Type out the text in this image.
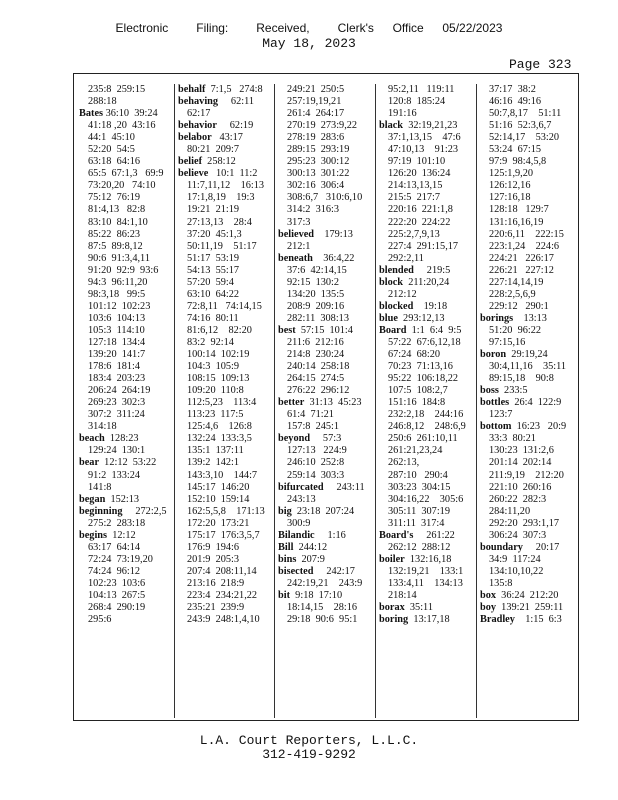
Electronic   Filing:   Received,   Clerk's  Office  05/22/2023
May 18, 2023
Page 323
235:8  259:15
288:18
Bates 36:10  39:24
41:18 ,20  43:16
44:1  45:10
52:20  54:5
63:18  64:16
65:5  67:1,3   69:9
73:20,20   74:10
75:12  76:19
81:4,13   82:8
83:10  84:1,10
85:22  86:23
87:5  89:8,12
90:6  91:3,4,11
91:20  92:9  93:6
94:3  96:11,20
98:3,18   99:5
101:12  102:23
103:6  104:13
105:3  114:10
127:18  134:4
139:20  141:7
178:6  181:4
183:4  203:23
206:24  264:19
269:23  302:3
307:2  311:24
314:18
beach  128:23
129:24  130:1
bear  12:12  53:22
91:2  133:24
141:8
began  152:13
beginning     272:2,5
275:2  283:18
begins  12:12
63:17  64:14
72:24  73:19,20
74:24  96:12
102:23  103:6
104:13  267:5
268:4  290:19
295:6
behalf  7:1,5   274:8
behaving     62:11
62:17
behavior     62:19
belabor   43:17
80:21  209:7
belief  258:12
believe   10:1  11:2
11:7,11,12    16:13
17:1,8,19    19:3
19:21  21:19
27:13,13    28:4
37:20  45:1,3
50:11,19    51:17
51:17  53:19
54:13  55:17
57:20  59:4
63:10  64:22
72:8,11   74:14,15
74:16  80:11
81:6,12    82:20
83:2  92:14
100:14  102:19
104:3  105:9
108:15  109:13
109:20  110:8
112:5,23    113:4
113:23  117:5
125:4,6    126:8
132:24  133:3,5
135:1  137:11
139:2  142:1
143:3,10    144:7
145:17  146:20
152:10  159:14
162:5,5,8    171:13
172:20  173:21
175:17  176:3,5,7
176:9  194:6
201:9  205:3
207:4  208:11,14
213:16  218:9
223:4  234:21,22
235:21  239:9
243:9  248:1,4,10
249:21  250:5
257:19,19,21
261:4  264:17
270:19  273:9,22
278:19  283:6
289:15  293:19
295:23  300:12
300:13  301:22
302:16  306:4
308:6,7   310:6,10
314:2  316:3
317:3
believed    179:13
212:1
beneath    36:4,22
37:6  42:14,15
92:15  130:2
134:20  135:5
208:9  209:16
282:11  308:13
best  57:15  101:4
211:6  212:16
214:8  230:24
240:14  258:18
264:15  274:5
276:22  296:12
better  31:13  45:23
61:4  71:21
157:8  245:1
beyond     57:3
127:13   224:9
246:10  252:8
259:14  303:3
bifurcated     243:11
243:13
big  23:18  207:24
300:9
Bilandic     1:16
Bill  244:12
bins  207:9
bisected     242:17
242:19,21    243:9
bit  9:18  17:10
18:14,15    28:16
29:18  90:6  95:1
95:2,11   119:11
120:8  185:24
191:16
black  32:19,21,23
37:1,13,15    47:6
47:10,13    91:23
97:19  101:10
126:20  136:24
214:13,13,15
215:5  217:7
220:16  221:1,8
222:20  224:22
225:2,7,9,13
227:4  291:15,17
292:2,11
blended     219:5
block  211:20,24
212:12
blocked    19:18
blue  293:12,13
Board  1:1  6:4  9:5
57:22  67:6,12,18
67:24  68:20
70:23  71:13,16
95:22  106:18,22
107:5  108:2,7
151:16  184:8
232:2,18    244:16
246:8,12    248:6,9
250:6  261:10,11
261:21,23,24
262:13,
287:10   290:4
303:23  304:15
304:16,22    305:6
305:11  307:19
311:11  317:4
Board's     261:22
262:12  288:12
boiler  132:16,18
132:19,21    133:1
133:4,11    134:13
218:14
borax  35:11
boring  13:17,18
37:17  38:2
46:16  49:16
50:7,8,17    51:11
51:16  52:3,6,7
52:14,17    53:20
53:24  67:15
97:9  98:4,5,8
125:1,9,20
126:12,16
127:16,18
128:18   129:7
131:16,16,19
220:6,11    222:15
223:1,24    224:6
224:21   226:17
226:21   227:12
227:14,14,19
228:2,5,6,9
229:12   290:1
borings    13:13
51:20  96:22
97:15,16
boron  29:19,24
30:4,11,16    35:11
89:15,18    90:8
boss  233:5
bottles  26:4  122:9
123:7
bottom  16:23   20:9
33:3  80:21
130:23  131:2,6
201:14  202:14
211:9,19    212:20
221:10  260:16
260:22  282:3
284:11,20
292:20  293:1,17
306:24  307:3
boundary     20:17
34:9  117:24
134:10,10,22
135:8
box  36:24  212:20
boy  139:21  259:11
Bradley    1:15  6:3
L.A. Court Reporters, L.L.C.
312-419-9292
